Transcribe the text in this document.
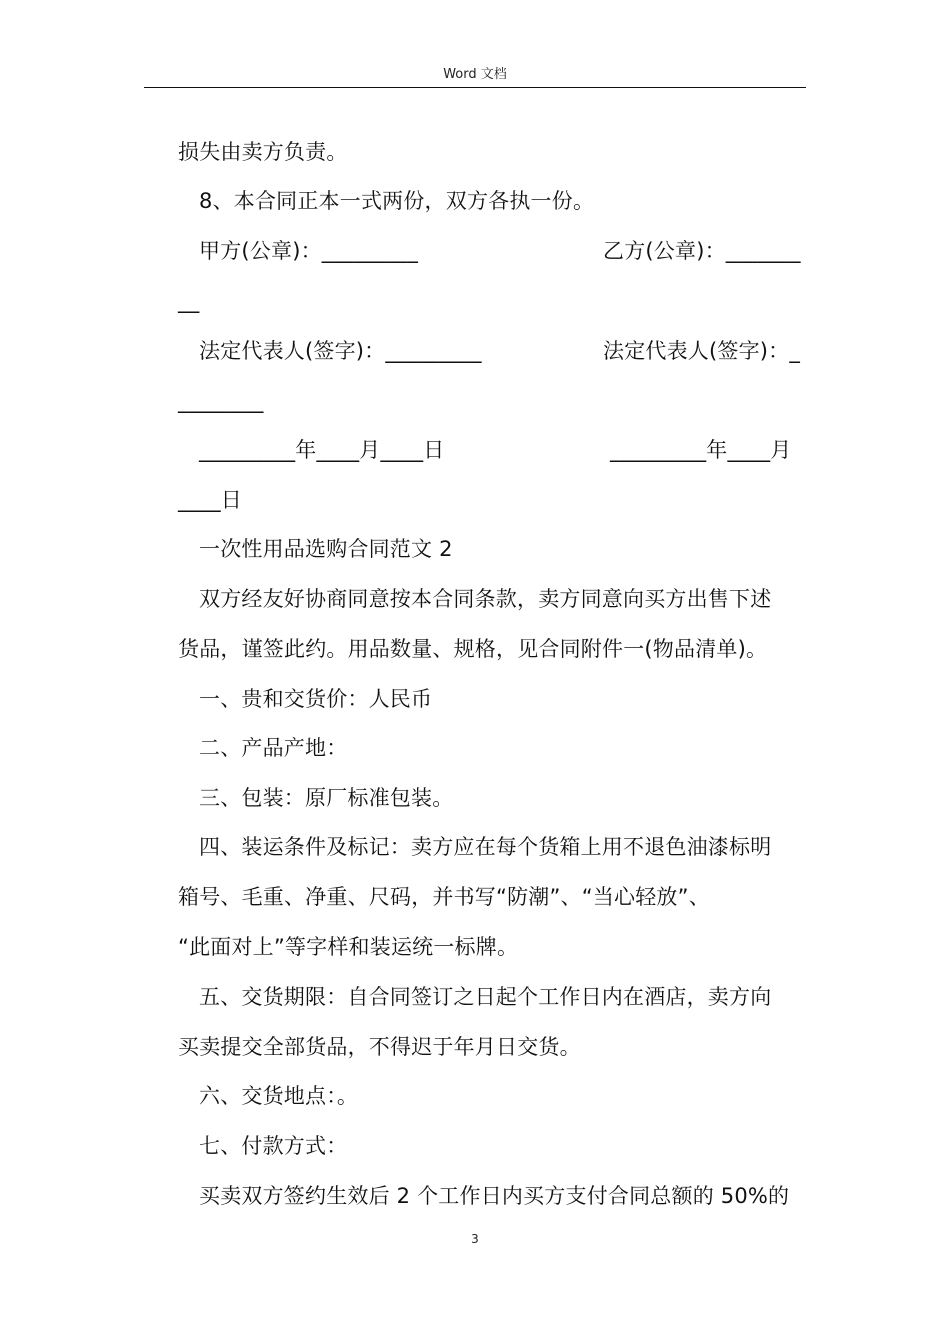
Word 文档
损失由卖方负责。
8、本合同正本一式两份，双方各执一份。
甲方(公章)：_________	乙方(公章)：_______
__
法定代表人(签字)：_________	法定代表人(签字)：_
________
_________年____月____日	_________年____月
____日
一次性用品选购合同范文 2
双方经友好协商同意按本合同条款，卖方同意向买方出售下述
货品，谨签此约。用品数量、规格，见合同附件一(物品清单)。
一、贵和交货价：人民币
二、产品产地：
三、包装：原厂标准包装。
四、装运条件及标记：卖方应在每个货箱上用不退色油漆标明
箱号、毛重、净重、尺码，并书写“防潮”、“当心轻放”、
“此面对上”等字样和装运统一标牌。
五、交货期限：自合同签订之日起个工作日内在酒店，卖方向
买卖提交全部货品，不得迟于年月日交货。
六、交货地点：。
七、付款方式：
买卖双方签约生效后 2 个工作日内买方支付合同总额的 50%的
3
